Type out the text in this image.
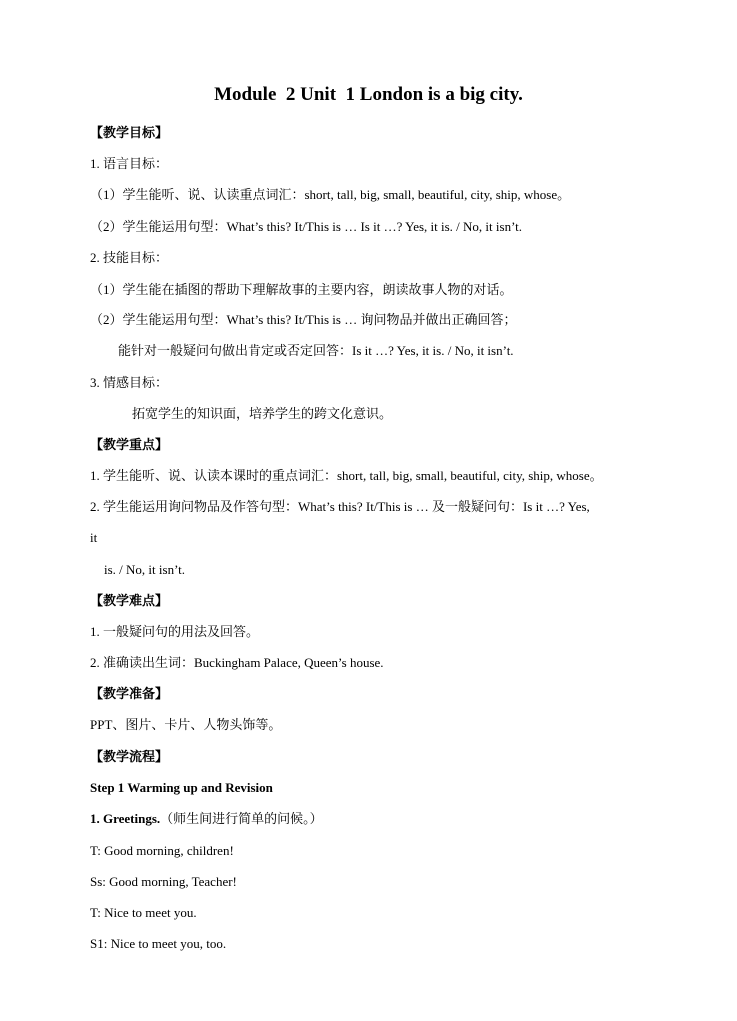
Module  2 Unit  1 London is a big city.
【教学目标】
1. 语言目标：
（1）学生能听、说、认读重点词汇：short, tall, big, small, beautiful, city, ship, whose。
（2）学生能运用句型：What’s this? It/This is … Is it …? Yes, it is. / No, it isn’t.
2. 技能目标：
（1）学生能在插图的帮助下理解故事的主要内容，朗读故事人物的对话。
（2）学生能运用句型：What’s this? It/This is … 询问物品并做出正确回答；
能针对一般疑问句做出肯定或否定回答：Is it …? Yes, it is. / No, it isn’t.
3. 情感目标：
拓宽学生的知识面，培养学生的跨文化意识。
【教学重点】
1. 学生能听、说、认读本课时的重点词汇：short, tall, big, small, beautiful, city, ship, whose。
2. 学生能运用询问物品及作答句型：What’s this? It/This is … 及一般疑问句：Is it …? Yes,
it
is. / No, it isn’t.
【教学难点】
1. 一般疑问句的用法及回答。
2. 准确读出生词：Buckingham Palace, Queen’s house.
【教学准备】
PPT、图片、卡片、人物头饰等。
【教学流程】
Step 1 Warming up and Revision
1. Greetings.（师生间进行简单的问候。）
T: Good morning, children!
Ss: Good morning, Teacher!
T: Nice to meet you.
S1: Nice to meet you, too.
